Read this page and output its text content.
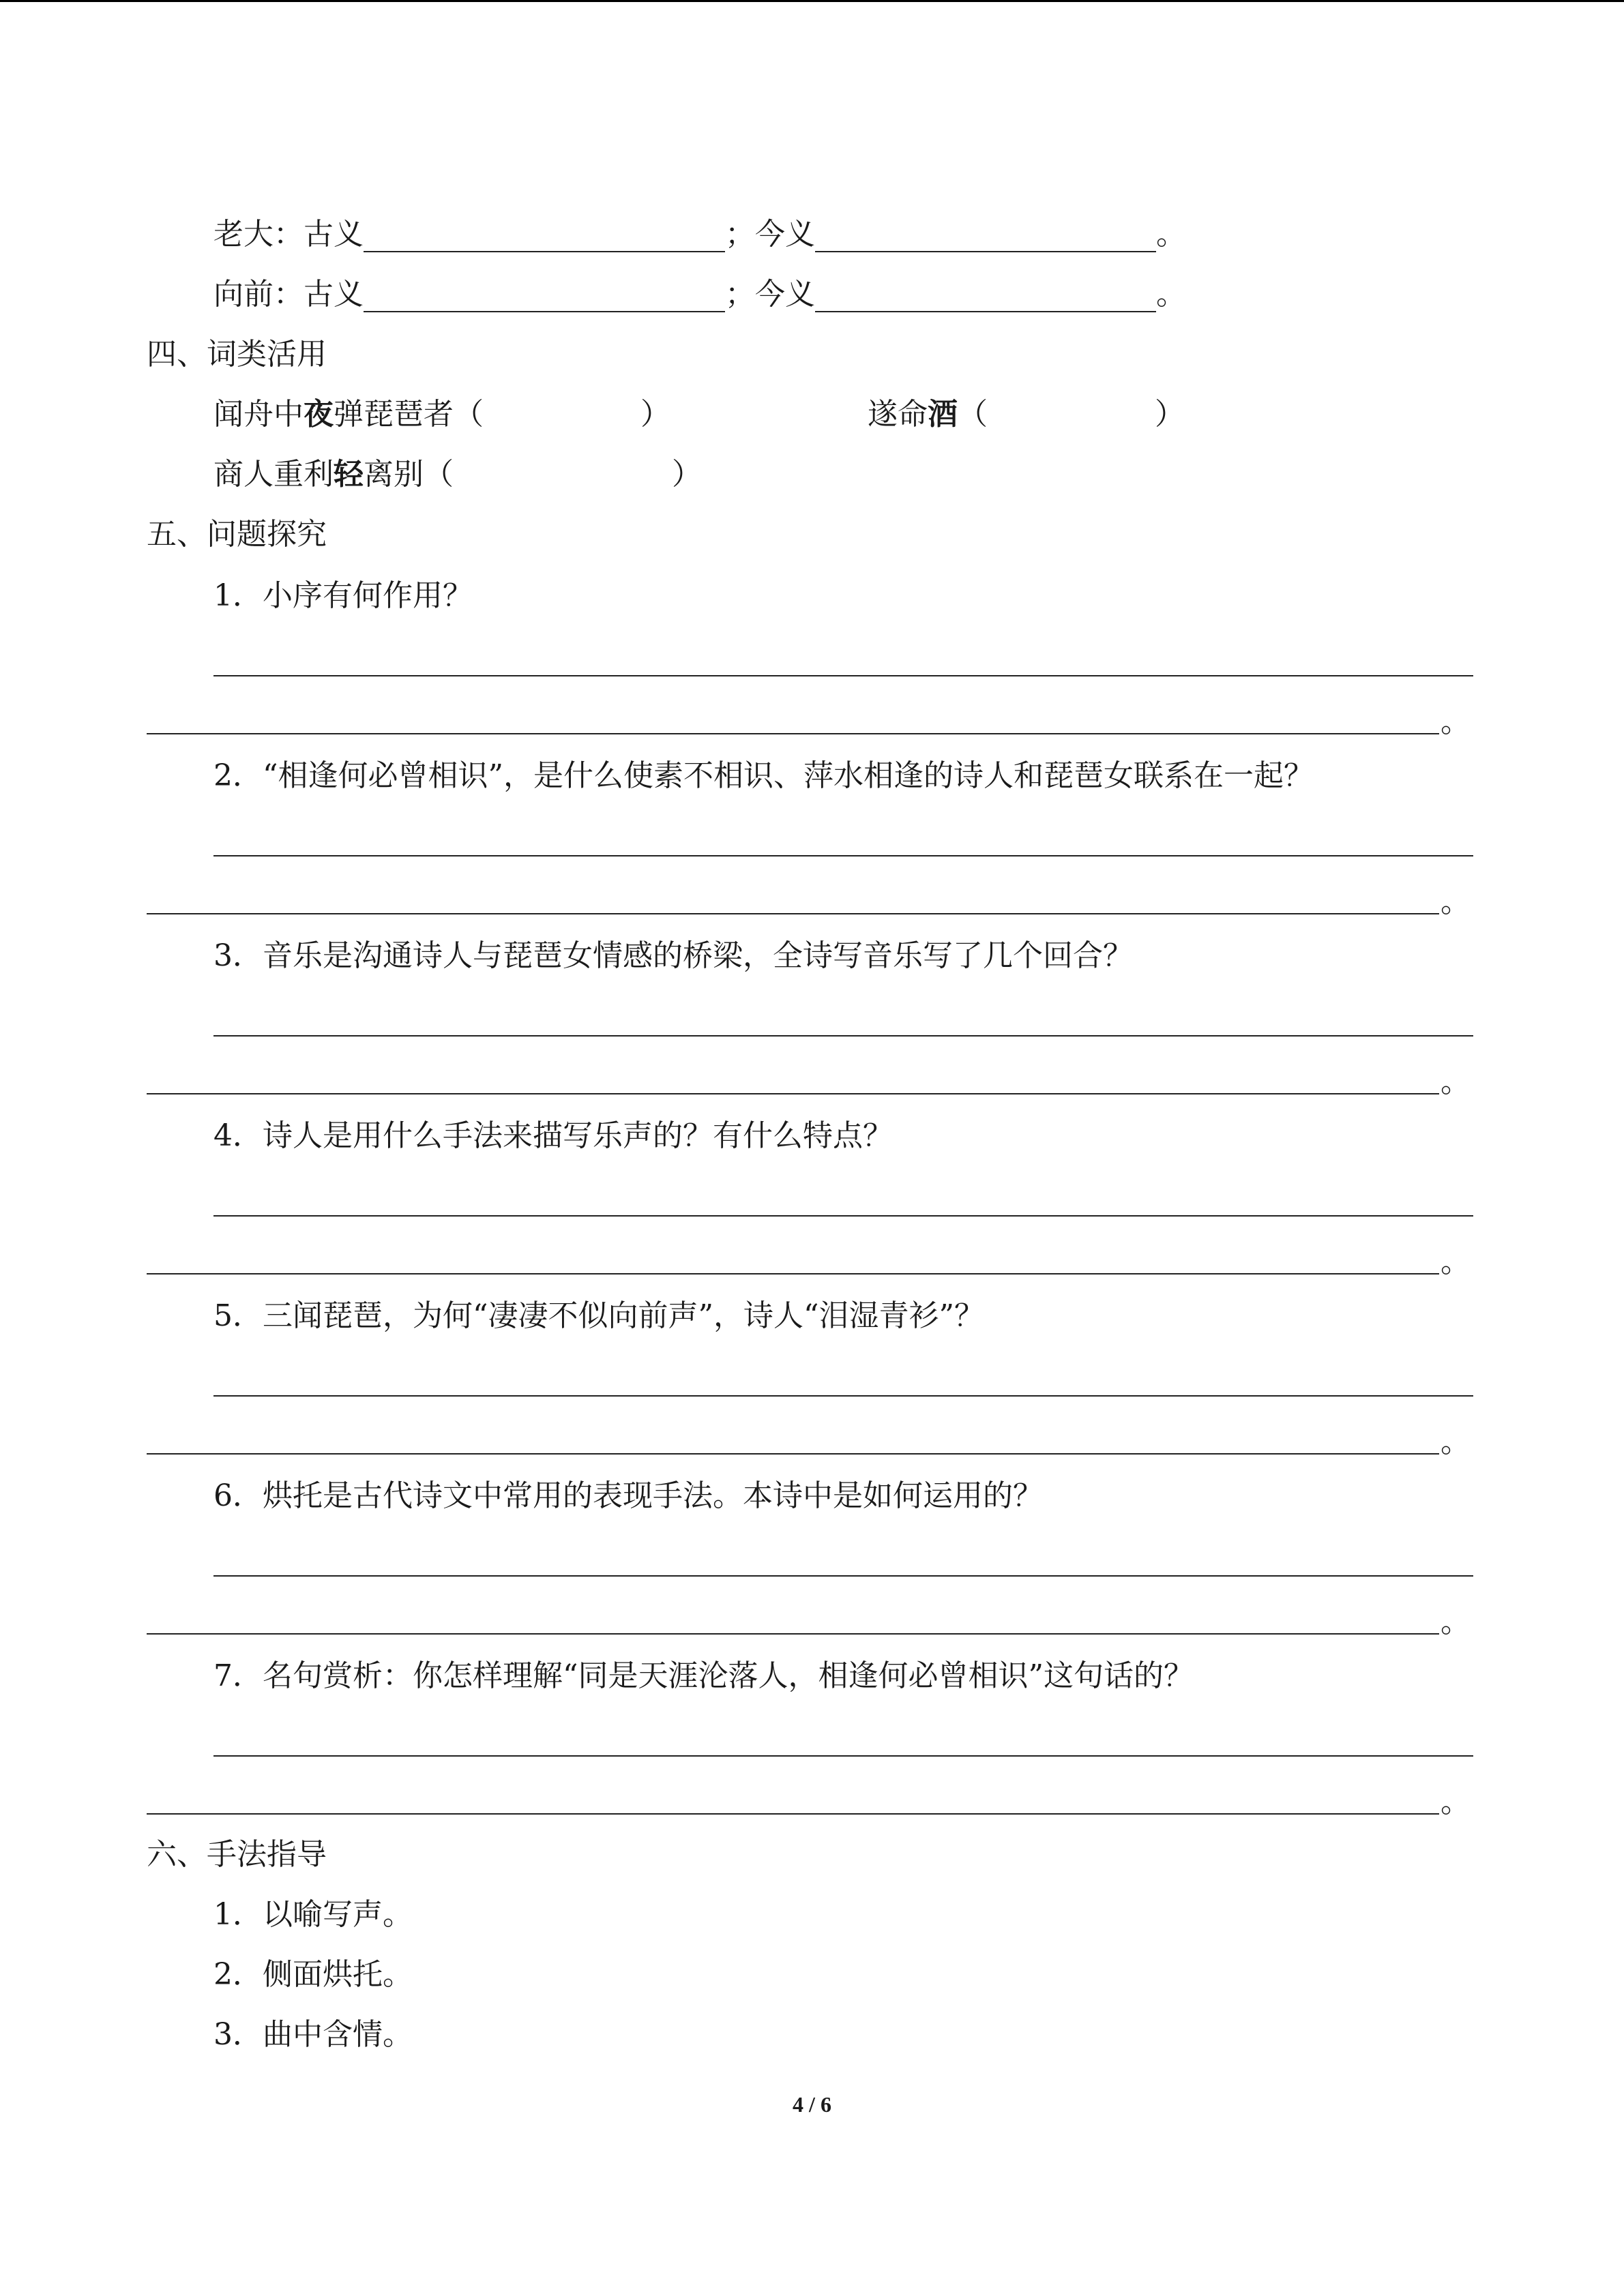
老大：古义	；今义	。
向前：古义	；今义	。
四、词类活用
闻舟中夜弹琵琶者（	）	遂命酒（	）
商人重利轻离别（	）
五、问题探究
1．小序有何作用？
。
2．“相逢何必曾相识”，是什么使素不相识、萍水相逢的诗人和琵琶女联系在一起？
。
3．音乐是沟通诗人与琵琶女情感的桥梁，全诗写音乐写了几个回合？
。
4．诗人是用什么手法来描写乐声的？有什么特点？
。
5．三闻琵琶，为何“凄凄不似向前声”，诗人“泪湿青衫”？
。
6．烘托是古代诗文中常用的表现手法。本诗中是如何运用的？
。
7．名句赏析：你怎样理解“同是天涯沦落人，相逢何必曾相识”这句话的？
。
六、手法指导
1．以喻写声。
2．侧面烘托。
3．曲中含情。
4 / 6
